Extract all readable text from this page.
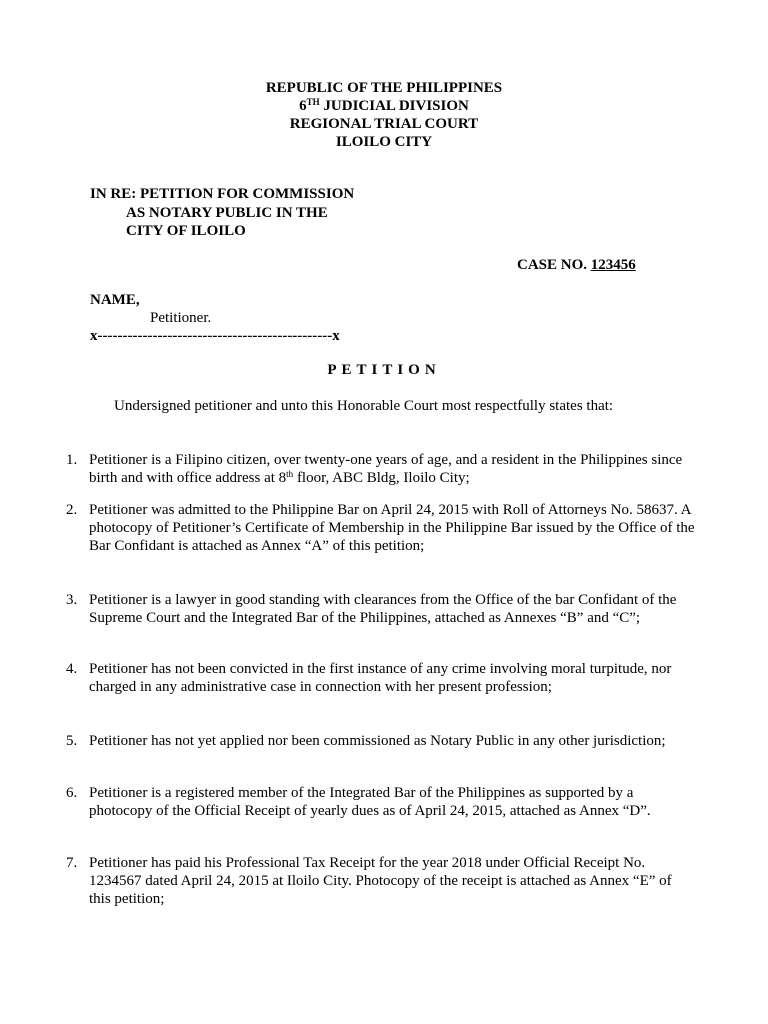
REPUBLIC OF THE PHILIPPINES
6TH JUDICIAL DIVISION
REGIONAL TRIAL COURT
ILOILO CITY
IN RE: PETITION FOR COMMISSION
AS NOTARY PUBLIC IN THE
CITY OF ILOILO
CASE NO. 123456
NAME,
Petitioner.
x-----------------------------------------------x
PETITION
Undersigned petitioner and unto this Honorable Court most respectfully states that:
1. Petitioner is a Filipino citizen, over twenty-one years of age, and a resident in the Philippines since birth and with office address at 8th floor, ABC Bldg, Iloilo City;
2. Petitioner was admitted to the Philippine Bar on April 24, 2015 with Roll of Attorneys No. 58637. A photocopy of Petitioner’s Certificate of Membership in the Philippine Bar issued by the Office of the Bar Confidant is attached as Annex “A” of this petition;
3. Petitioner is a lawyer in good standing with clearances from the Office of the bar Confidant of the Supreme Court and the Integrated Bar of the Philippines, attached as Annexes “B” and “C”;
4. Petitioner has not been convicted in the first instance of any crime involving moral turpitude, nor charged in any administrative case in connection with her present profession;
5. Petitioner has not yet applied nor been commissioned as Notary Public in any other jurisdiction;
6. Petitioner is a registered member of the Integrated Bar of the Philippines as supported by a photocopy of the Official Receipt of yearly dues as of April 24, 2015, attached as Annex “D”.
7. Petitioner has paid his Professional Tax Receipt for the year 2018 under Official Receipt No. 1234567 dated April 24, 2015 at Iloilo City. Photocopy of the receipt is attached as Annex “E” of this petition;
